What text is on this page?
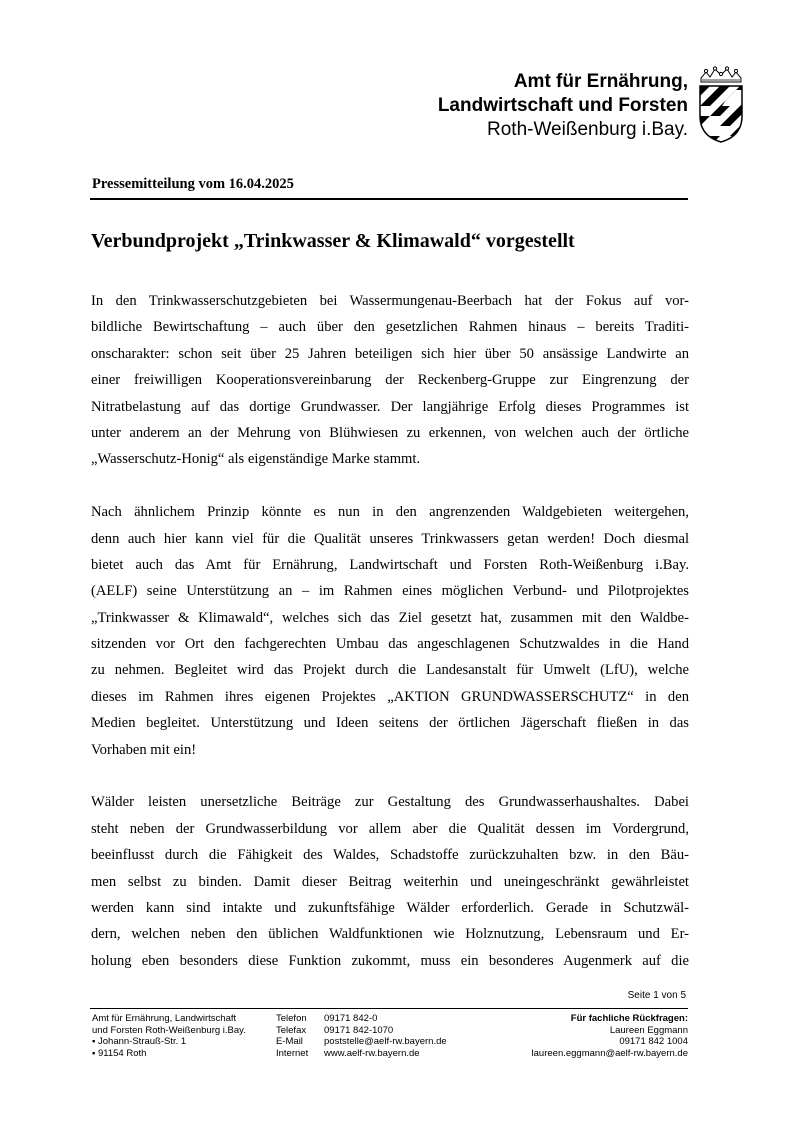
Amt für Ernährung,
Landwirtschaft und Forsten
Roth-Weißenburg i.Bay.
Pressemitteilung vom 16.04.2025
Verbundprojekt „Trinkwasser & Klimawald“ vorgestellt
In den Trinkwasserschutzgebieten bei Wassermungenau-Beerbach hat der Fokus auf vor-
bildliche Bewirtschaftung – auch über den gesetzlichen Rahmen hinaus – bereits Traditi-
onscharakter: schon seit über 25 Jahren beteiligen sich hier über 50 ansässige Landwirte an
einer freiwilligen Kooperationsvereinbarung der Reckenberg-Gruppe zur Eingrenzung der
Nitratbelastung auf das dortige Grundwasser. Der langjährige Erfolg dieses Programmes ist
unter anderem an der Mehrung von Blühwiesen zu erkennen, von welchen auch der örtliche
„Wasserschutz-Honig“ als eigenständige Marke stammt.
Nach ähnlichem Prinzip könnte es nun in den angrenzenden Waldgebieten weitergehen,
denn auch hier kann viel für die Qualität unseres Trinkwassers getan werden! Doch diesmal
bietet auch das Amt für Ernährung, Landwirtschaft und Forsten Roth-Weißenburg i.Bay.
(AELF) seine Unterstützung an – im Rahmen eines möglichen Verbund- und Pilotprojektes
„Trinkwasser & Klimawald“, welches sich das Ziel gesetzt hat, zusammen mit den Waldbe-
sitzenden vor Ort den fachgerechten Umbau das angeschlagenen Schutzwaldes in die Hand
zu nehmen. Begleitet wird das Projekt durch die Landesanstalt für Umwelt (LfU), welche
dieses im Rahmen ihres eigenen Projektes „AKTION GRUNDWASSERSCHUTZ“ in den
Medien begleitet. Unterstützung und Ideen seitens der örtlichen Jägerschaft fließen in das
Vorhaben mit ein!
Wälder leisten unersetzliche Beiträge zur Gestaltung des Grundwasserhaushaltes. Dabei
steht neben der Grundwasserbildung vor allem aber die Qualität dessen im Vordergrund,
beeinflusst durch die Fähigkeit des Waldes, Schadstoffe zurückzuhalten bzw. in den Bäu-
men selbst zu binden. Damit dieser Beitrag weiterhin und uneingeschränkt gewährleistet
werden kann sind intakte und zukunftsfähige Wälder erforderlich. Gerade in Schutzwäl-
dern, welchen neben den üblichen Waldfunktionen wie Holznutzung, Lebensraum und Er-
holung eben besonders diese Funktion zukommt, muss ein besonderes Augenmerk auf die
Seite 1 von 5
Amt für Ernährung, Landwirtschaft
und Forsten Roth-Weißenburg i.Bay.
▪ Johann-Strauß-Str. 1
▪ 91154 Roth
Telefon
Telefax
E-Mail
Internet
09171 842-0
09171 842-1070
poststelle@aelf-rw.bayern.de
www.aelf-rw.bayern.de
Für fachliche Rückfragen:
Laureen Eggmann
09171 842 1004
laureen.eggmann@aelf-rw.bayern.de
